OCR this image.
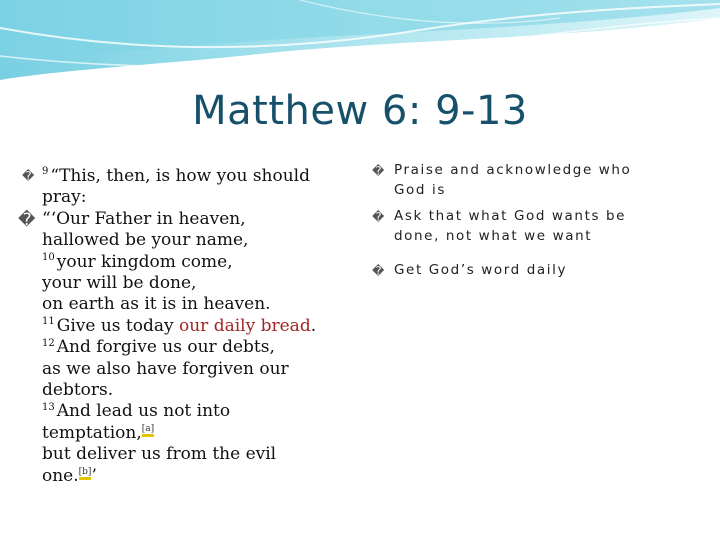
Matthew 6: 9-13
� $^9$ “This, then, is how you should
pray:
� “‘Our Father in heaven,
hallowed be your name,
$^{10}$ your kingdom come,
your will be done,
on earth as it is in heaven.
$^{11}$ Give us today our daily bread.
$^{12}$ And forgive us our debts,
as we also have forgiven our
debtors.
$^{13}$ And lead us not into
temptation,[a]
but deliver us from the evil
one.[b]’
� Praise and acknowledge who
God is
� Ask that what God wants be
done, not what we want
� Get God’s word daily
